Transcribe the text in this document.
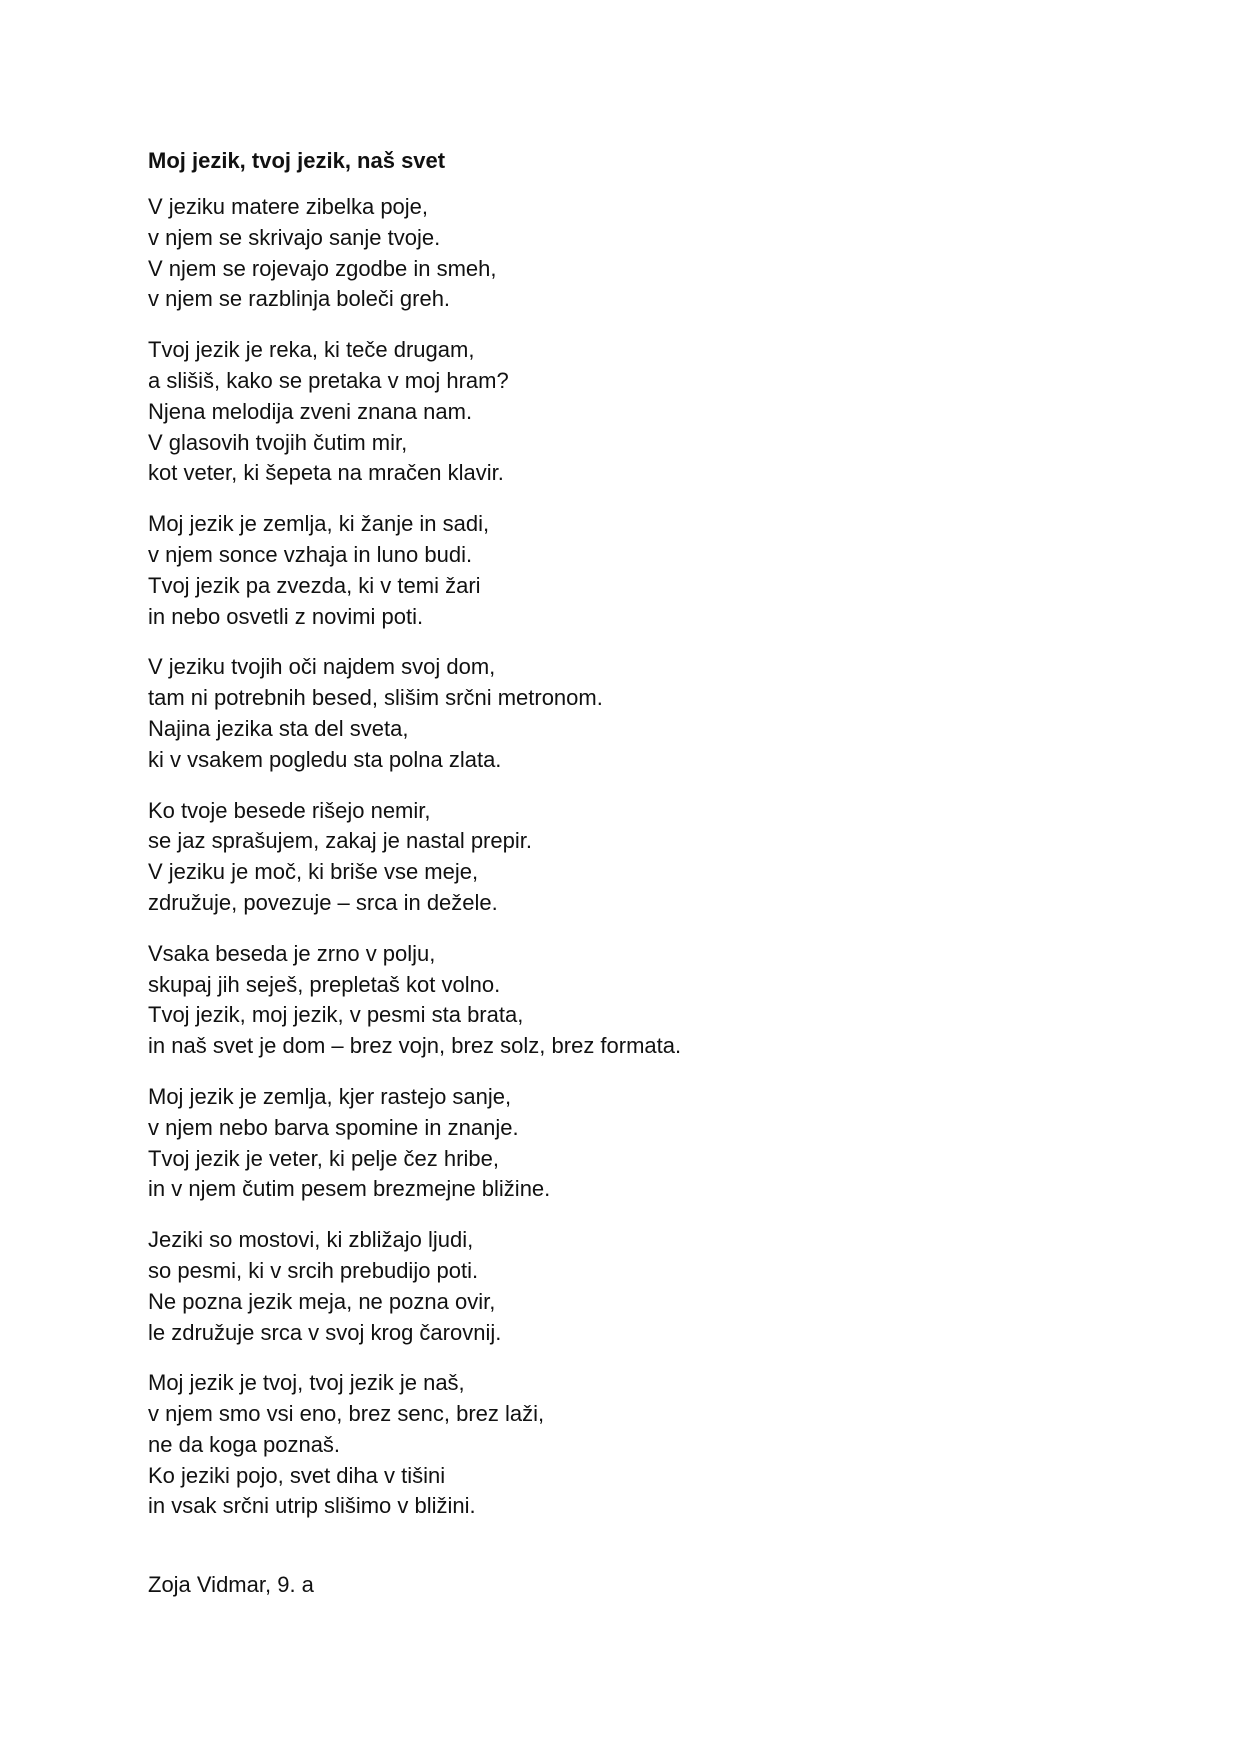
Moj jezik, tvoj jezik, naš svet
V jeziku matere zibelka poje,
v njem se skrivajo sanje tvoje.
V njem se rojevajo zgodbe in smeh,
v njem se razblinja boleči greh.
Tvoj jezik je reka, ki teče drugam,
a slišiš, kako se pretaka v moj hram?
Njena melodija zveni znana nam.
V glasovih tvojih čutim mir,
kot veter, ki šepeta na mračen klavir.
Moj jezik je zemlja, ki žanje in sadi,
v njem sonce vzhaja in luno budi.
Tvoj jezik pa zvezda, ki v temi žari
in nebo osvetli z novimi poti.
V jeziku tvojih oči najdem svoj dom,
tam ni potrebnih besed, slišim srčni metronom.
Najina jezika sta del sveta,
ki v vsakem pogledu sta polna zlata.
Ko tvoje besede rišejo nemir,
se jaz sprašujem, zakaj je nastal prepir.
V jeziku je moč, ki briše vse meje,
združuje, povezuje – srca in dežele.
Vsaka beseda je zrno v polju,
skupaj jih seješ, prepletaš kot volno.
Tvoj jezik, moj jezik, v pesmi sta brata,
in naš svet je dom – brez vojn, brez solz, brez formata.
Moj jezik je zemlja, kjer rastejo sanje,
v njem nebo barva spomine in znanje.
Tvoj jezik je veter, ki pelje čez hribe,
in v njem čutim pesem brezmejne bližine.
Jeziki so mostovi, ki zbližajo ljudi,
so pesmi, ki v srcih prebudijo poti.
Ne pozna jezik meja, ne pozna ovir,
le združuje srca v svoj krog čarovnij.
Moj jezik je tvoj, tvoj jezik je naš,
v njem smo vsi eno, brez senc, brez laži,
ne da koga poznaš.
Ko jeziki pojo, svet diha v tišini
in vsak srčni utrip slišimo v bližini.
Zoja Vidmar, 9. a
